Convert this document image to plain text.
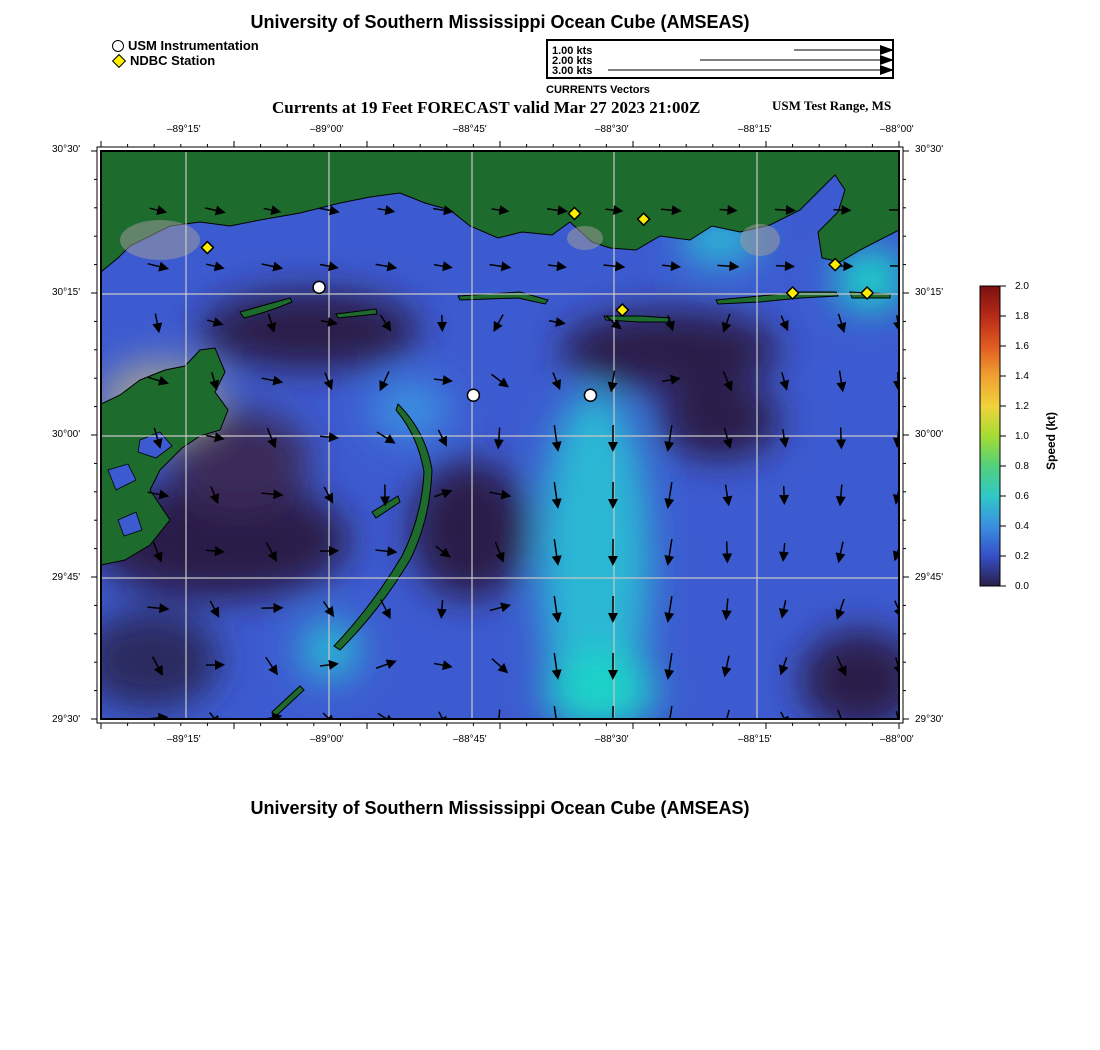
University of Southern Mississippi Ocean Cube (AMSEAS)
USM Instrumentation
NDBC Station
1.00 kts
2.00 kts
3.00 kts
CURRENTS Vectors
Currents at 19 Feet FORECAST valid Mar 27 2023 21:00Z	USM Test Range, MS
–89°15'	–89°00'	–88°45'	–88°30'	–88°15'	–88°00'
–89°15'	–89°00'	–88°45'	–88°30'	–88°15'	–88°00'
30°30'
30°15'
30°00'
29°45'
29°30'
30°30'
30°15'
30°00'
29°45'
29°30'
2.0
1.8
1.6
1.4
1.2
1.0
0.8
0.6
0.4
0.2
0.0
Speed (kt)
University of Southern Mississippi Ocean Cube (AMSEAS)
